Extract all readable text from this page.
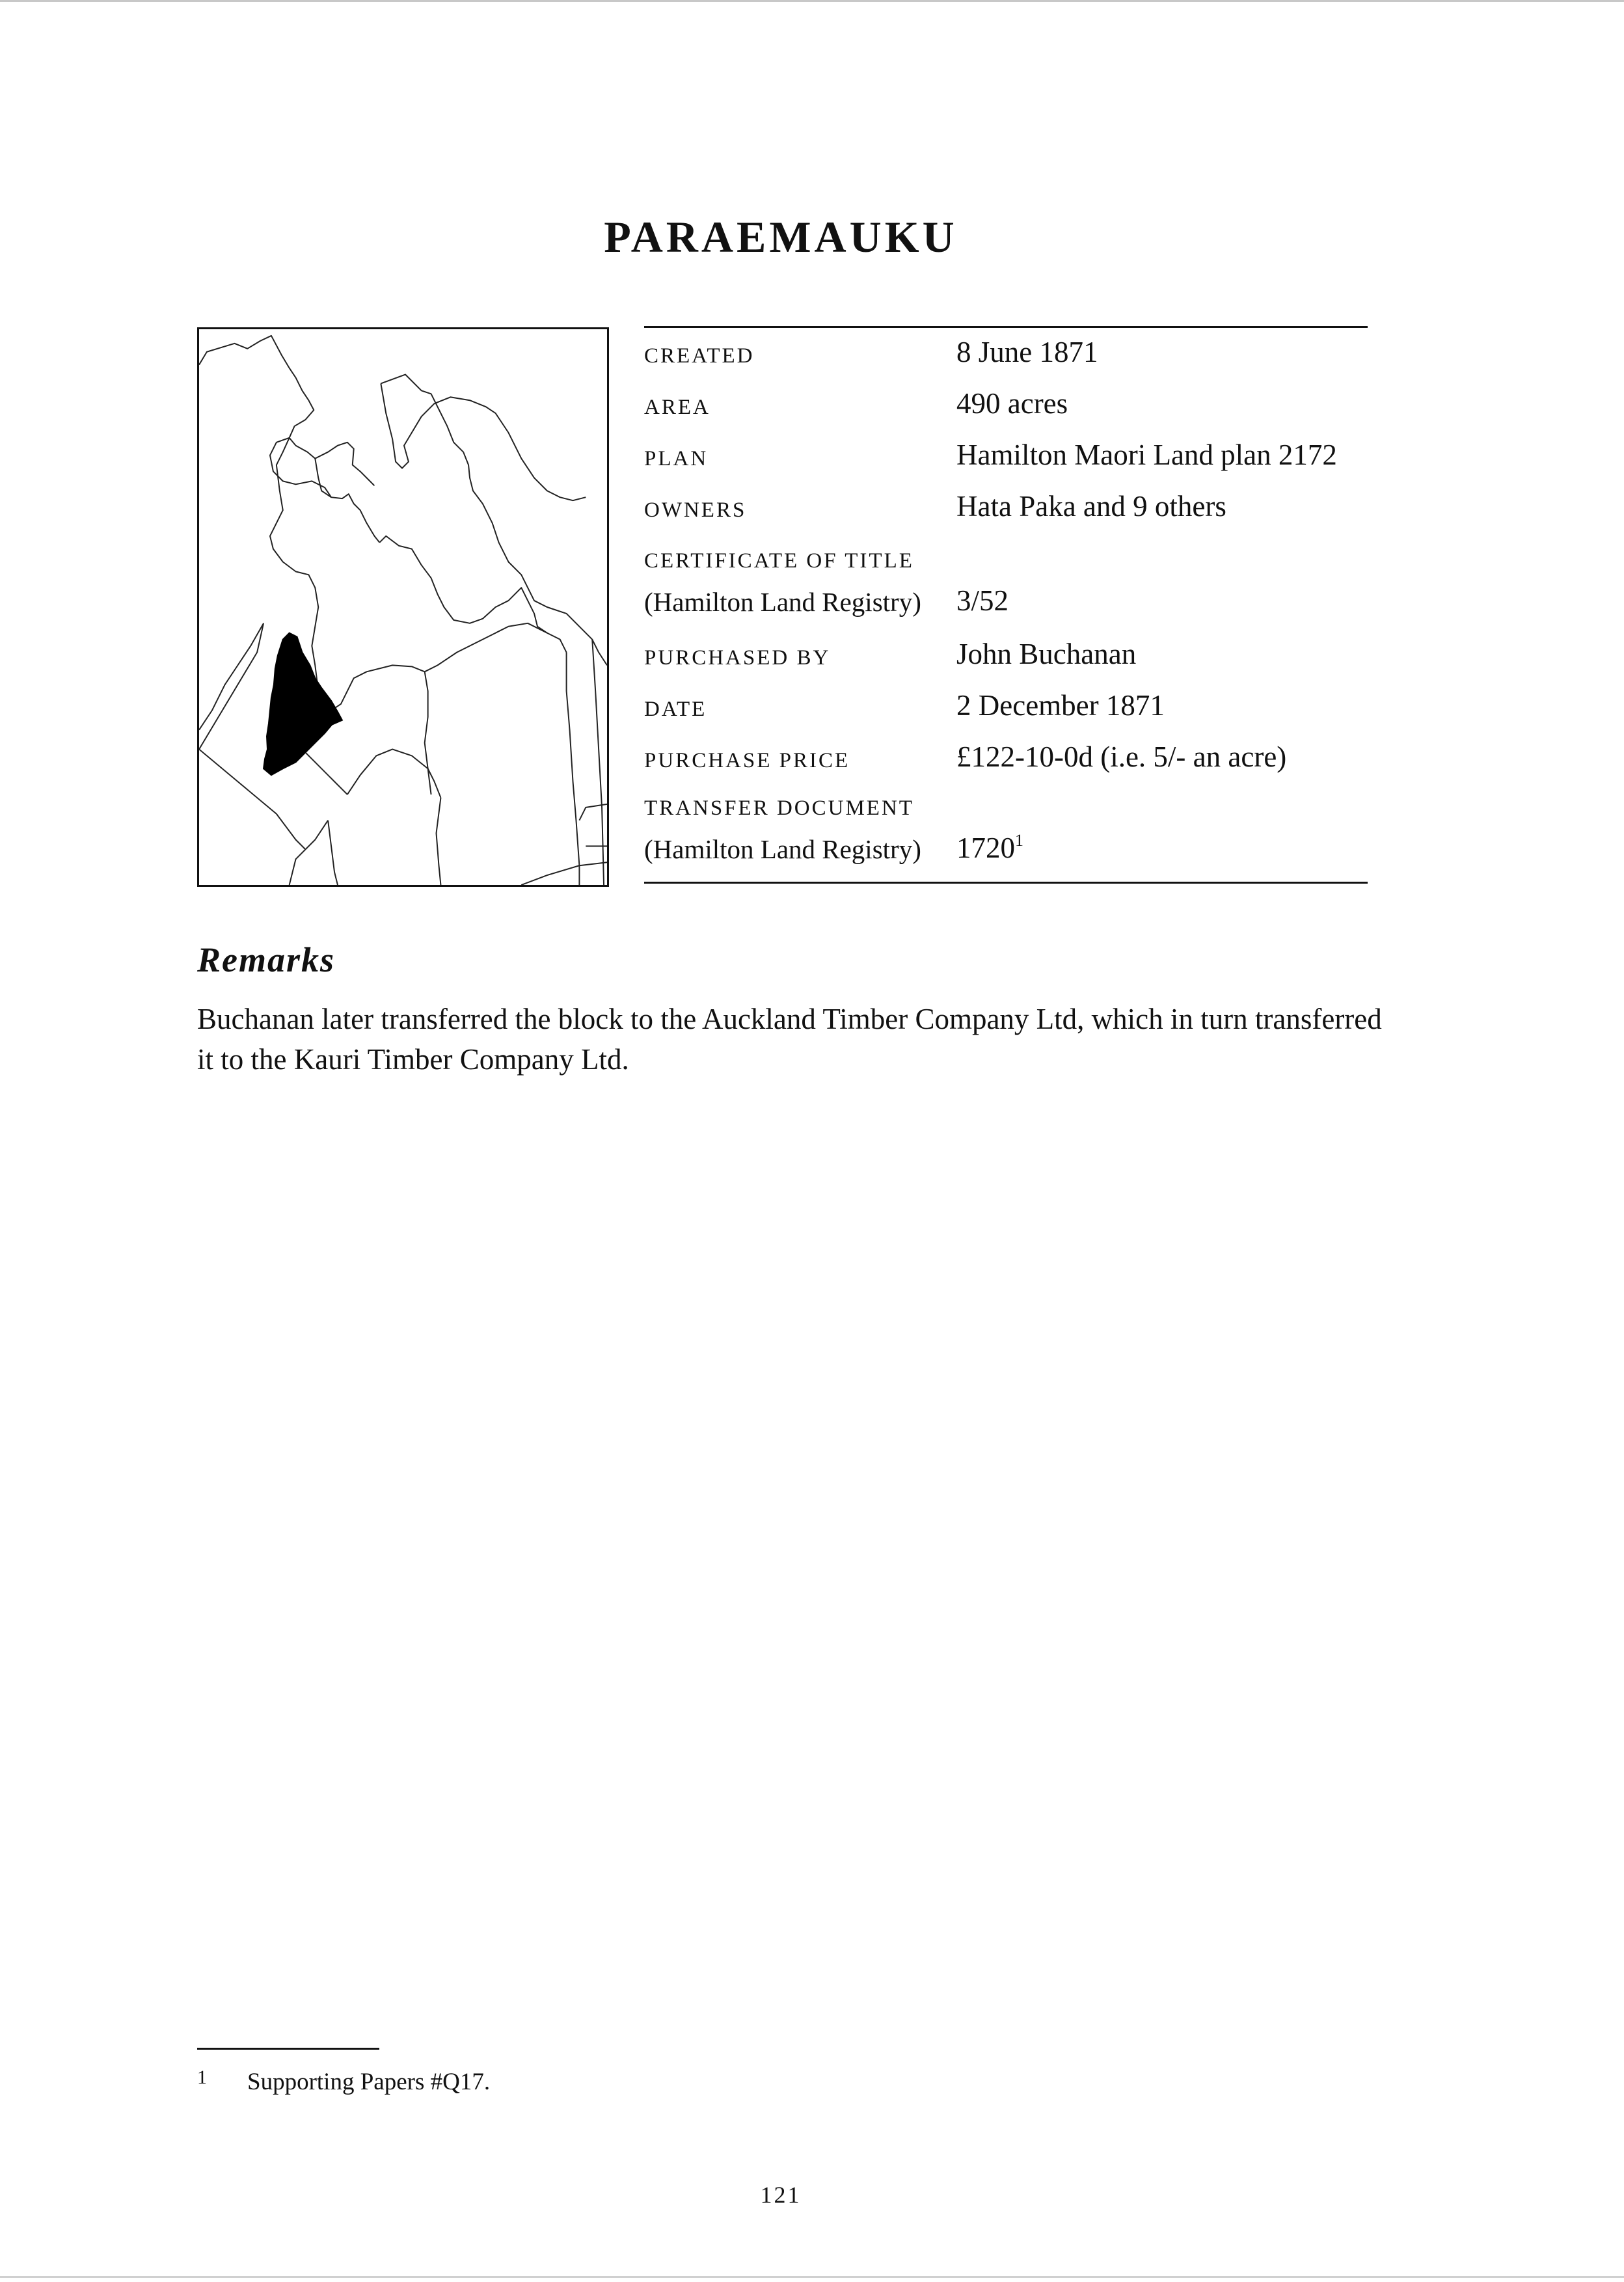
PARAEMAUKU
CREATED	8 June 1871
AREA	490 acres
PLAN	Hamilton Maori Land plan 2172
OWNERS	Hata Paka and 9 others
CERTIFICATE OF TITLE
(Hamilton Land Registry) 3/52
PURCHASED BY	John Buchanan
DATE	2 December 1871
PURCHASE PRICE	£122-10-0d (i.e. 5/- an acre)
TRANSFER DOCUMENT
(Hamilton Land Registry) 1720$^1$
Remarks

Buchanan later transferred the block to the Auckland Timber Company Ltd, which in turn transferred it to the Kauri Timber Company Ltd.

1 Supporting Papers #Q17.
121
